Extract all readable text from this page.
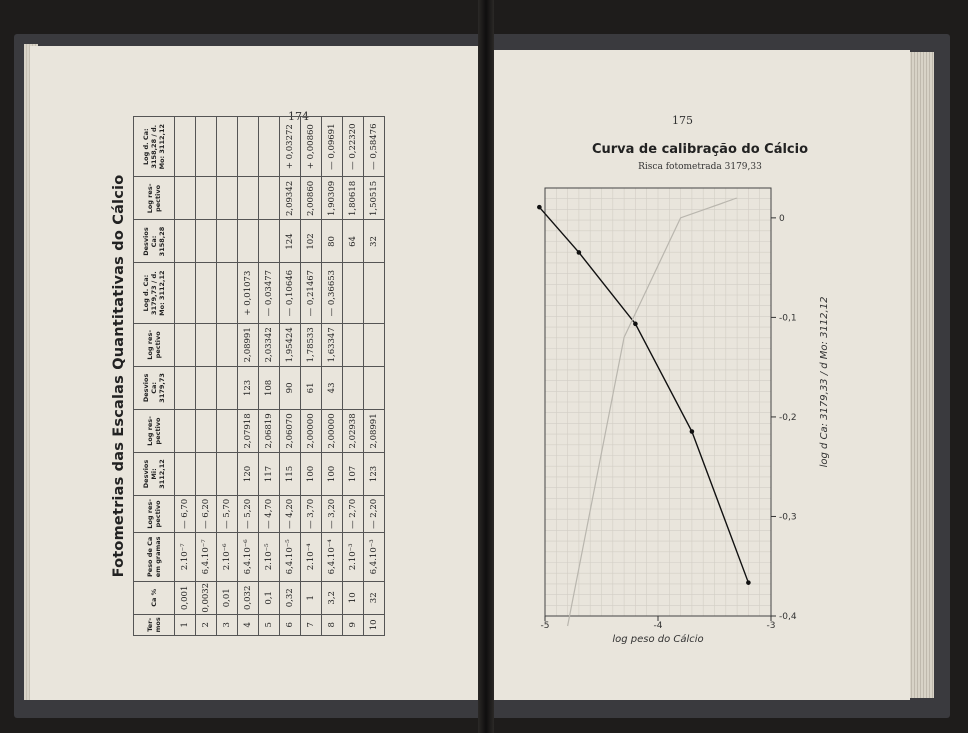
174
Fotometrias das Escalas Quantitativas do Cálcio
Ter-mos	Ca %	Peso de Ca em gramas	Log res-pectivo	Desvios Mi: 3112,12	Log res-pectivo	Desvios Ca: 3179,73	Log res-pectivo	Log d. Ca: 3179,73 / d. Mo: 3112,12	Desvios Ca: 3158,28	Log res-pectivo	Log d. Ca: 3158,28 / d. Mo: 3112,12
1	0,001	2.10⁻⁷	— 6,70								
2	0,0032	6,4.10⁻⁷	— 6,20								
3	0,01	2.10⁻⁶	— 5,70								
4	0,032	6,4.10⁻⁶	— 5,20	120	2,07918	123	2,08991	+ 0,01073			
5	0,1	2.10⁻⁵	— 4,70	117	2,06819	108	2,03342	— 0,03477			
6	0,32	6,4.10⁻⁵	— 4,20	115	2,06070	90	1,95424	— 0,10646	124	2,09342	+ 0,03272
7	1	2.10⁻⁴	— 3,70	100	2,00000	61	1,78533	— 0,21467	102	2,00860	+ 0,00860
8	3,2	6,4.10⁻⁴	— 3,20	100	2,00000	43	1,63347	— 0,36653	80	1,90309	— 0,09691
9	10	2.10⁻³	— 2,70	107	2,02938				64	1,80618	— 0,22320
10	32	6,4.10⁻³	— 2,20	123	2,08991				32	1,50515	— 0,58476
175
Curva de calibração do Cálcio
Risca fotometrada 3179,33
-5	-4	-3
0
-0,1
-0,2
-0,3
-0,4
log peso do Cálcio
log d Ca: 3179,33 / d Mo: 3112,12
